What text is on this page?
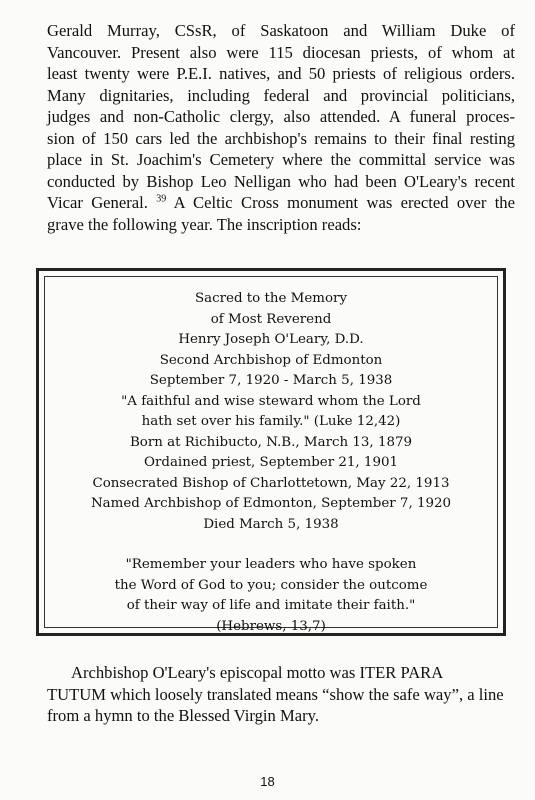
Gerald Murray, CSsR, of Saskatoon and William Duke of
Vancouver. Present also were 115 diocesan priests, of whom at
least twenty were P.E.I. natives, and 50 priests of religious orders.
Many dignitaries, including federal and provincial politicians,
judges and non-Catholic clergy, also attended. A funeral proces-
sion of 150 cars led the archbishop's remains to their final resting
place in St. Joachim's Cemetery where the committal service was
conducted by Bishop Leo Nelligan who had been O'Leary's recent
Vicar General. $^{39}$ A Celtic Cross monument was erected over the
grave the following year. The inscription reads:
Sacred to the Memory
of Most Reverend
Henry Joseph O'Leary, D.D.
Second Archbishop of Edmonton
September 7, 1920 - March 5, 1938
"A faithful and wise steward whom the Lord
hath set over his family." (Luke 12,42)
Born at Richibucto, N.B., March 13, 1879
Ordained priest, September 21, 1901
Consecrated Bishop of Charlottetown, May 22, 1913
Named Archbishop of Edmonton, September 7, 1920
Died March 5, 1938
"Remember your leaders who have spoken
the Word of God to you; consider the outcome
of their way of life and imitate their faith."
(Hebrews, 13,7)
Archbishop O'Leary's episcopal motto was ITER PARA
TUTUM which loosely translated means “show the safe way”, a line
from a hymn to the Blessed Virgin Mary.
18
